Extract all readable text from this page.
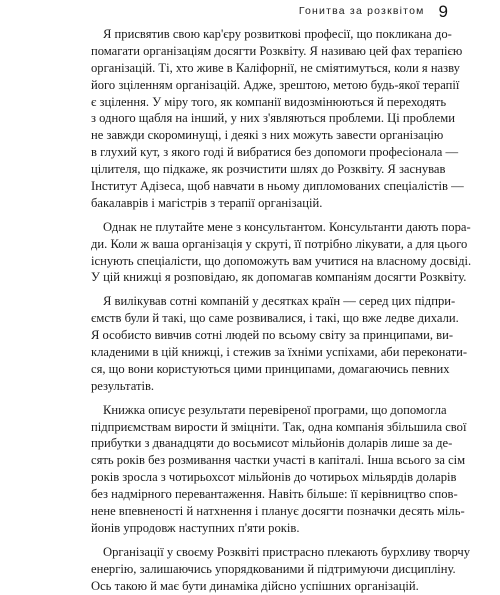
Гонитва за розквітом 9
Я присвятив свою кар'єру розвиткові професії, що покликана до-
помагати організаціям досягти Розквіту. Я називаю цей фах терапією
організацій. Ті, хто живе в Каліфорнії, не сміятимуться, коли я назву
його зціленням організацій. Адже, зрештою, метою будь-якої терапії
є зцілення. У міру того, як компанії видозмінюються й переходять
з одного щабля на інший, у них з'являються проблеми. Ці проблеми
не завжди скороминущі, і деякі з них можуть завести організацію
в глухий кут, з якого годі й вибратися без допомоги професіонала —
цілителя, що підкаже, як розчистити шлях до Розквіту. Я заснував
Інститут Адізеса, щоб навчати в ньому дипломованих спеціалістів —
бакалаврів і магістрів з терапії організацій.
Однак не плутайте мене з консультантом. Консультанти дають пора-
ди. Коли ж ваша організація у скруті, її потрібно лікувати, а для цього
існують спеціалісти, що допоможуть вам учитися на власному досвіді.
У цій книжці я розповідаю, як допомагав компаніям досягти Розквіту.
Я вилікував сотні компаній у десятках країн — серед цих підпри-
ємств були й такі, що саме розвивалися, і такі, що вже ледве дихали.
Я особисто вивчив сотні людей по всьому світу за принципами, ви-
кладеними в цій книжці, і стежив за їхніми успіхами, аби переконати-
ся, що вони користуються цими принципами, домагаючись певних
результатів.
Книжка описує результати перевіреної програми, що допомогла
підприємствам вирости й зміцніти. Так, одна компанія збільшила свої
прибутки з дванадцяти до восьмисот мільйонів доларів лише за де-
сять років без розмивання частки участі в капіталі. Інша всього за сім
років зросла з чотирьохсот мільйонів до чотирьох мільярдів доларів
без надмірного перевантаження. Навіть більше: її керівництво спов-
нене впевненості й натхнення і планує досягти позначки десять міль-
йонів упродовж наступних п'яти років.
Організації у своєму Розквіті пристрасно плекають бурхливу творчу
енергію, залишаючись упорядкованими й підтримуючи дисципліну.
Ось такою й має бути динаміка дійсно успішних організацій.
